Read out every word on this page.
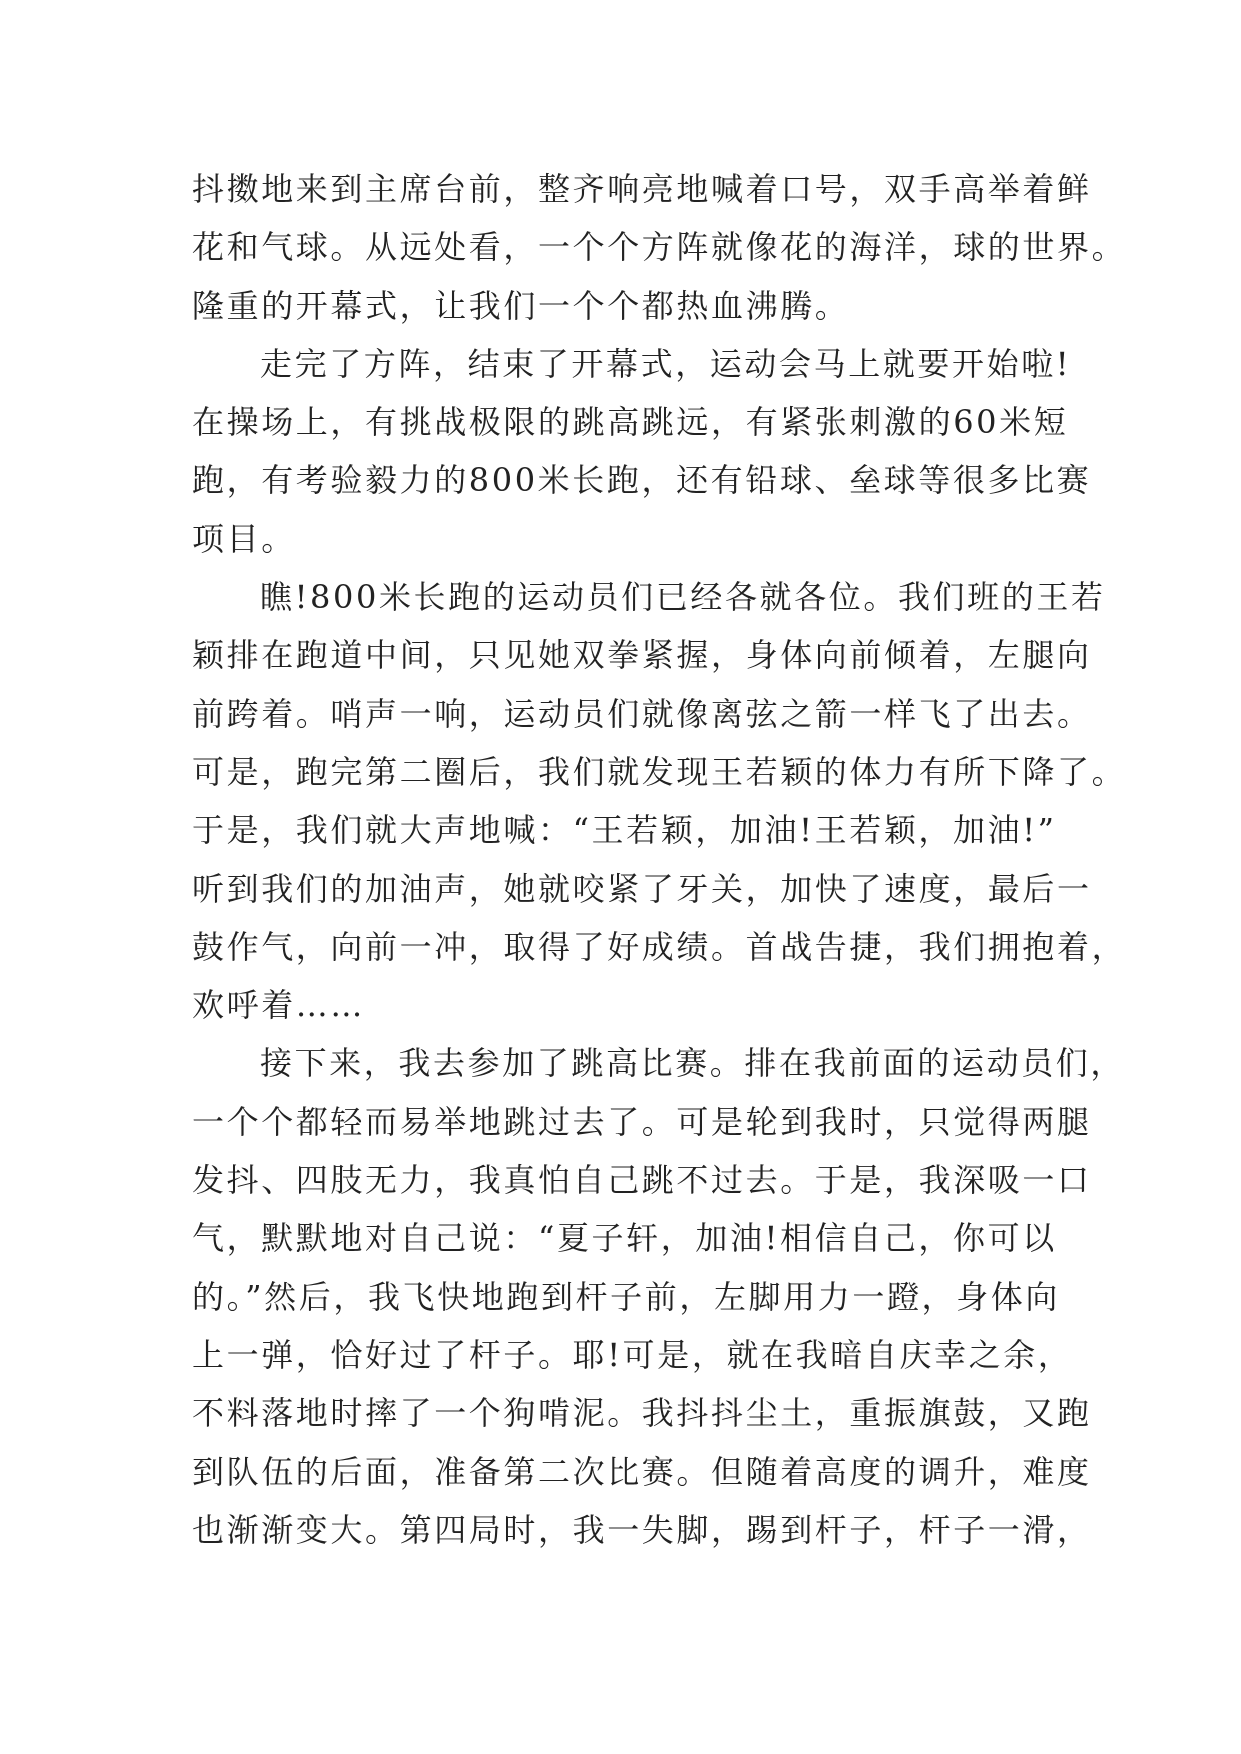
抖擞地来到主席台前，整齐响亮地喊着口号，双手高举着鲜
花和气球。从远处看，一个个方阵就像花的海洋，球的世界。
隆重的开幕式，让我们一个个都热血沸腾。

走完了方阵，结束了开幕式，运动会马上就要开始啦!
在操场上，有挑战极限的跳高跳远，有紧张刺激的60米短
跑，有考验毅力的800米长跑，还有铅球、垒球等很多比赛
项目。

瞧!800米长跑的运动员们已经各就各位。我们班的王若
颖排在跑道中间，只见她双拳紧握，身体向前倾着，左腿向
前跨着。哨声一响，运动员们就像离弦之箭一样飞了出去。
可是，跑完第二圈后，我们就发现王若颖的体力有所下降了。
于是，我们就大声地喊：“王若颖，加油!王若颖，加油!”
听到我们的加油声，她就咬紧了牙关，加快了速度，最后一
鼓作气，向前一冲，取得了好成绩。首战告捷，我们拥抱着，
欢呼着……

接下来，我去参加了跳高比赛。排在我前面的运动员们，
一个个都轻而易举地跳过去了。可是轮到我时，只觉得两腿
发抖、四肢无力，我真怕自己跳不过去。于是，我深吸一口
气，默默地对自己说：“夏子轩，加油!相信自己，你可以
的。”然后，我飞快地跑到杆子前，左脚用力一蹬，身体向
上一弹，恰好过了杆子。耶!可是，就在我暗自庆幸之余，
不料落地时摔了一个狗啃泥。我抖抖尘土，重振旗鼓，又跑
到队伍的后面，准备第二次比赛。但随着高度的调升，难度
也渐渐变大。第四局时，我一失脚，踢到杆子，杆子一滑，
